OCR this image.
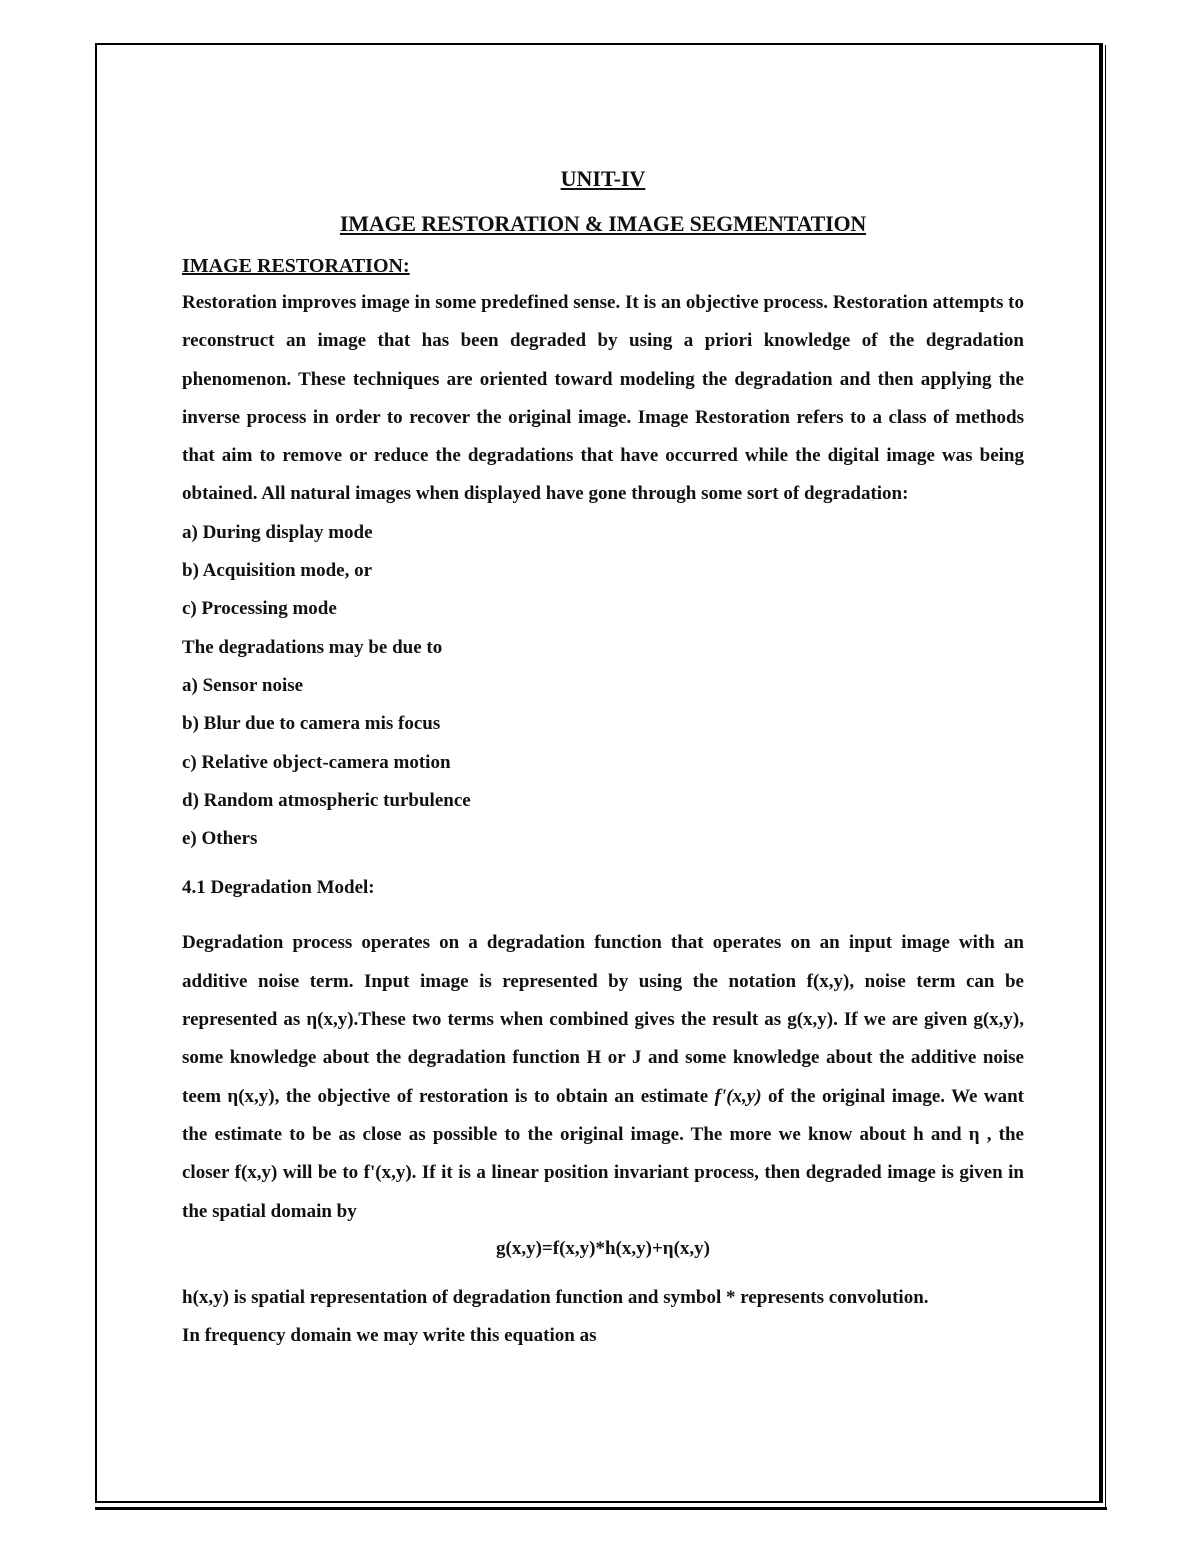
UNIT-IV
IMAGE RESTORATION & IMAGE SEGMENTATION
IMAGE RESTORATION:

Restoration improves image in some predefined sense. It is an objective process. Restoration attempts to reconstruct an image that has been degraded by using a priori knowledge of the degradation phenomenon. These techniques are oriented toward modeling the degradation and then applying the inverse process in order to recover the original image. Image Restoration refers to a class of methods that aim to remove or reduce the degradations that have occurred while the digital image was being obtained. All natural images when displayed have gone through some sort of degradation:

a) During display mode

b) Acquisition mode, or

c) Processing mode

The degradations may be due to

a) Sensor noise

b) Blur due to camera mis focus

c) Relative object-camera motion

d) Random atmospheric turbulence

e) Others

4.1 Degradation Model:

Degradation process operates on a degradation function that operates on an input image with an additive noise term. Input image is represented by using the notation f(x,y), noise term can be represented as η(x,y).These two terms when combined gives the result as g(x,y). If we are given g(x,y), some knowledge about the degradation function H or J and some knowledge about the additive noise teem η(x,y), the objective of restoration is to obtain an estimate f'(x,y) of the original image. We want the estimate to be as close as possible to the original image. The more we know about h and η , the closer f(x,y) will be to f'(x,y). If it is a linear position invariant process, then degraded image is given in the spatial domain by

g(x,y)=f(x,y)*h(x,y)+η(x,y)

h(x,y) is spatial representation of degradation function and symbol * represents convolution.

In frequency domain we may write this equation as
